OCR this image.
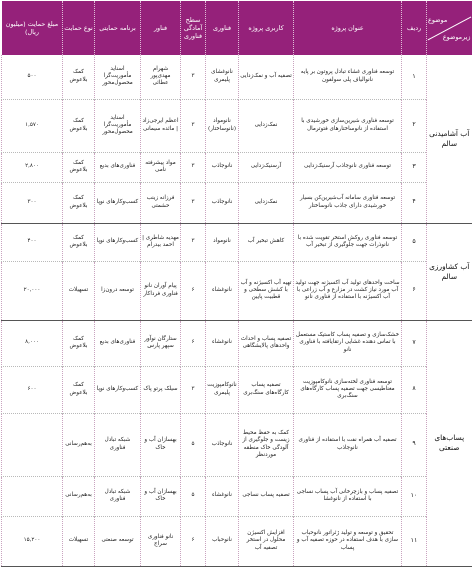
موضوع
زیرموضوع	ردیف	عنوان پروژه	کاربری پروژه	فناوری	سطح آمادگی فناوری	فناور	برنامه حمایتی	نوع حمایت	مبلغ حمایت (میلیون ریال)
آب آشامیدنی سالم	۱	توسعه فناوری غشاء تبادل پروتون بر پایه نانوالیاف پلی سولفون	تصفیه آب و نمک‌زدایی	نانوغشای پلیمری	۳	شهرام مهدی‌پور عطائی	اسناید مأموریت‌گرا محصول‌محور	کمک بلاعوض	۵۰۰
	۲	توسعه فناوری شیرین‌سازی خورشیدی با استفاده از نانوساختارهای فتوترمال	نمک‌زدایی	نانومواد (نانوساختار)	۳	اعظم ایرجی‌زاد | مائده سیمانی	اسناید مأموریت‌گرا محصول‌محور	کمک بلاعوض	۱,۵۷۰
	۳	توسعه فناوری نانوجاذب آرسنیک‌زدایی	آرسنیک‌زدایی	نانوجاذب	۳	مواد پیشرفته نامی	فناوری‌های بدیع	کمک بلاعوض	۲,۸۰۰
	۴	توسعه فناوری سامانه آب‌شیرین‌کن بسیار خورشیدی دارای جاذب نانوساختار	نمک‌زدایی	نانوجاذب	۳	فرزانه زینب حشمتی	کسب‌وکارهای نوپا	کمک بلاعوض	۳۰۰
آب کشاورزی سالم	۵	توسعه فناوری روکش استخر تقویت شده با نانوذرات جهت جلوگیری از تبخیر آب	کاهش تبخیر آب	نانومواد	۳	مهدیه شاطری | احمد بیدرام	کسب‌وکارهای نوپا	کمک بلاعوض	۴۰۰
	۶	ساخت واحدهای تولید آب اکسیژنه جهت تولید آب مورد نیاز کشت در مزارع و آب زراعی با آب اکسیژنه با استفاده از فناوری نانو	تهیه آب اکسیژنه و آب با کشش سطحی و قطبیت پایین	نانوغشاء	۶	پیام آوران نانو فناوری فرداکار	توسعه درون‌زا	تسهیلات	۲۰,۰۰۰
پساب‌های صنعتی	۷	خشک‌سازی و تصفیه پساب کاستیک مستعمل با تماس دهنده غشایی ارتقایافته با فناوری نانو	تصفیه پساب و احداث واحدهای پالایشگاهی	نانوغشاء	۶	ستارگان نوآور سپهر پارس	فناوری‌های بدیع	کمک بلاعوض	۸,۰۰۰
	۸	توسعه فناوری لخته‌سازی نانوکامپوزیت مغناطیسی جهت تصفیه پساب کارگاه‌های سنگ‌بری	تصفیه پساب کارگاه‌های سنگ‌بری	نانوکامپوزیت پلیمری	۳	سیلک پرتو پاک	کسب‌وکارهای نوپا	کمک بلاعوض	۶۰۰
	۹	تصفیه آب همراه نفت با استفاده از فناوری نانوجاذب	کمک به حفظ محیط زیست و جلوگیری از آلودگی خاک منطقه موردنظر	نانوجاذب	۵	بهسازان آب و خاک	شبکه تبادل فناوری	به‌هم‌رسانی	
	۱۰	تصفیه پساب و بازچرخانی آب پساب نساجی با استفاده از نانوغشا	تصفیه پساب نساجی	نانوغشاء	۵	بهسازان آب و خاک	شبکه تبادل فناوری	به‌هم‌رسانی	
	۱۱	تحقیق و توسعه و تولید ژئراتور نانوحباب سازی با هدف استفاده در حوزه تصفیه آب و پساب	افزایش اکسیژن محلول در استخر تصفیه آب	نانوحباب	۶	نانو فناوری سراج	توسعه صنعتی	تسهیلات	۱۵,۲۰۰
